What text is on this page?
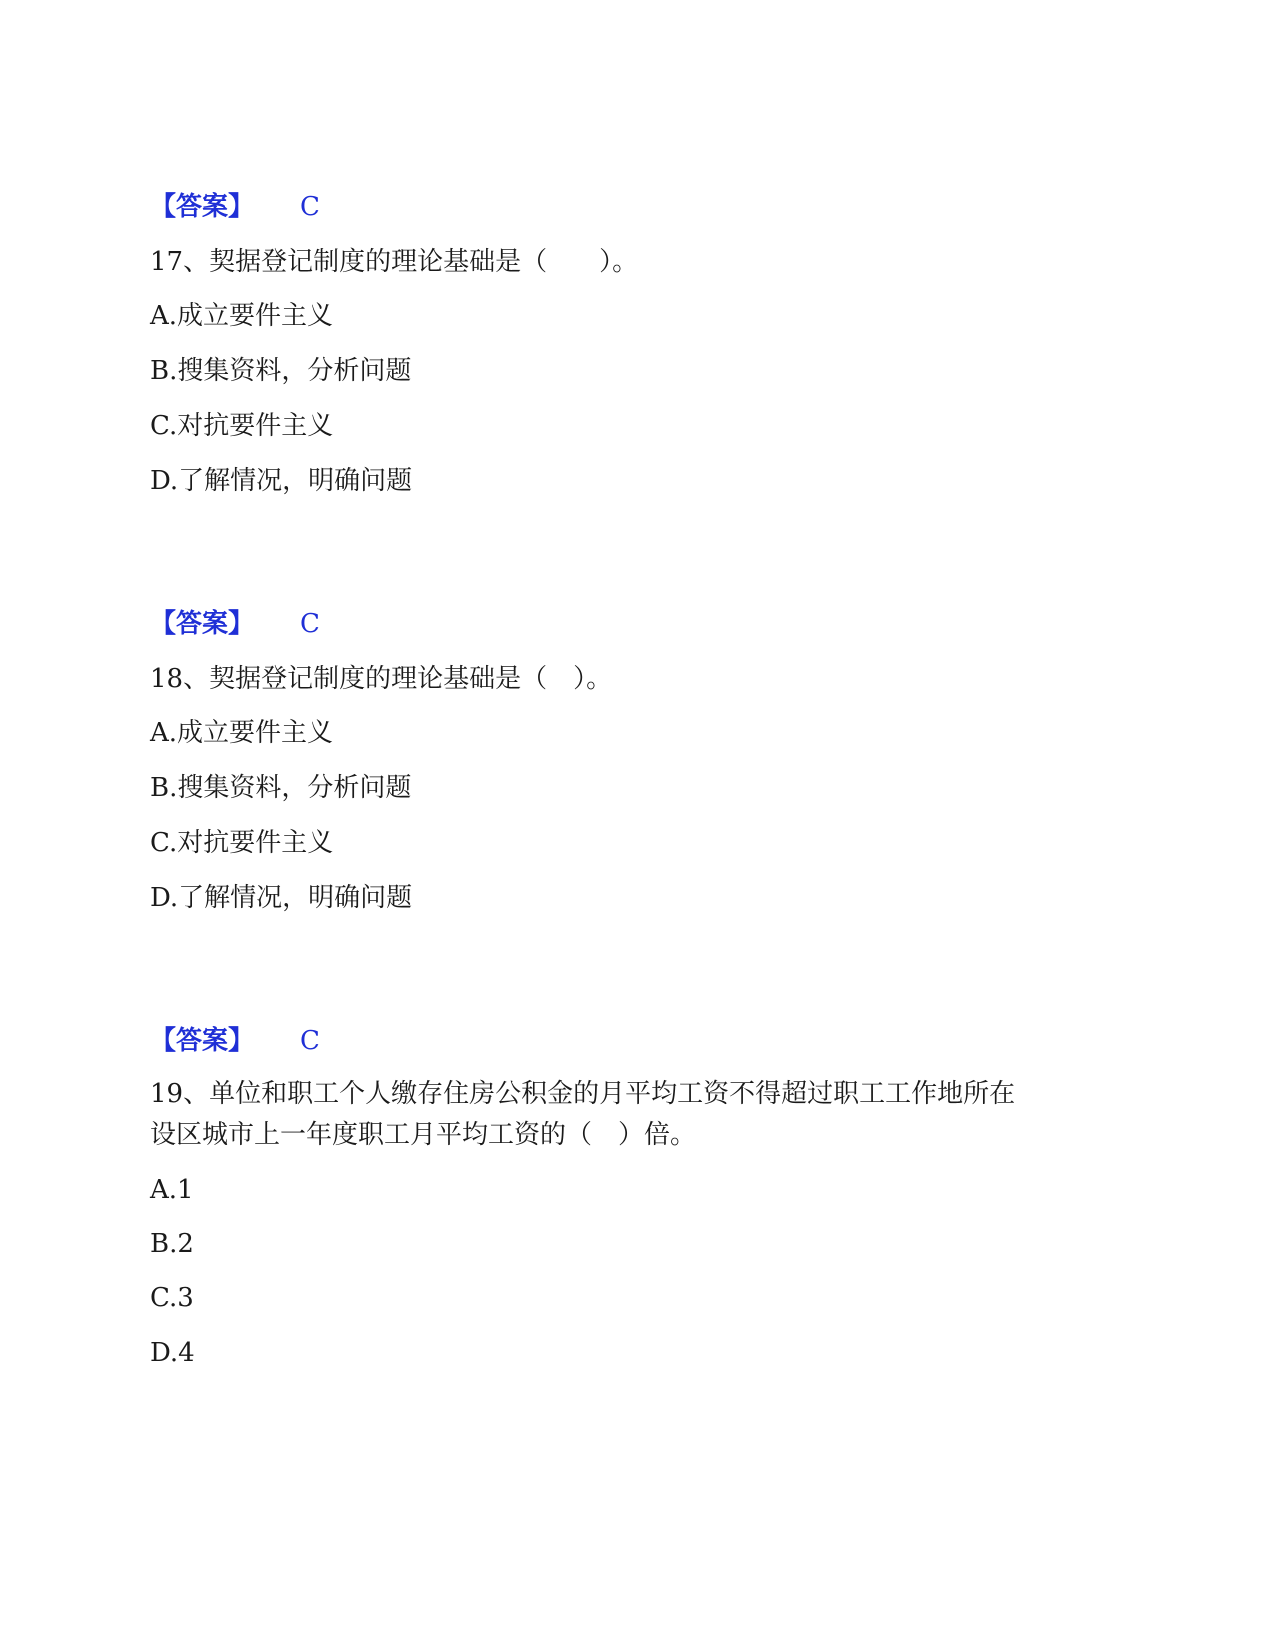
【答案】 C
17、契据登记制度的理论基础是（　　）。
A.成立要件主义
B.搜集资料，分析问题
C.对抗要件主义
D.了解情况，明确问题
【答案】 C
18、契据登记制度的理论基础是（　）。
A.成立要件主义
B.搜集资料，分析问题
C.对抗要件主义
D.了解情况，明确问题
【答案】 C
19、单位和职工个人缴存住房公积金的月平均工资不得超过职工工作地所在
设区城市上一年度职工月平均工资的（　）倍。
A.1
B.2
C.3
D.4
